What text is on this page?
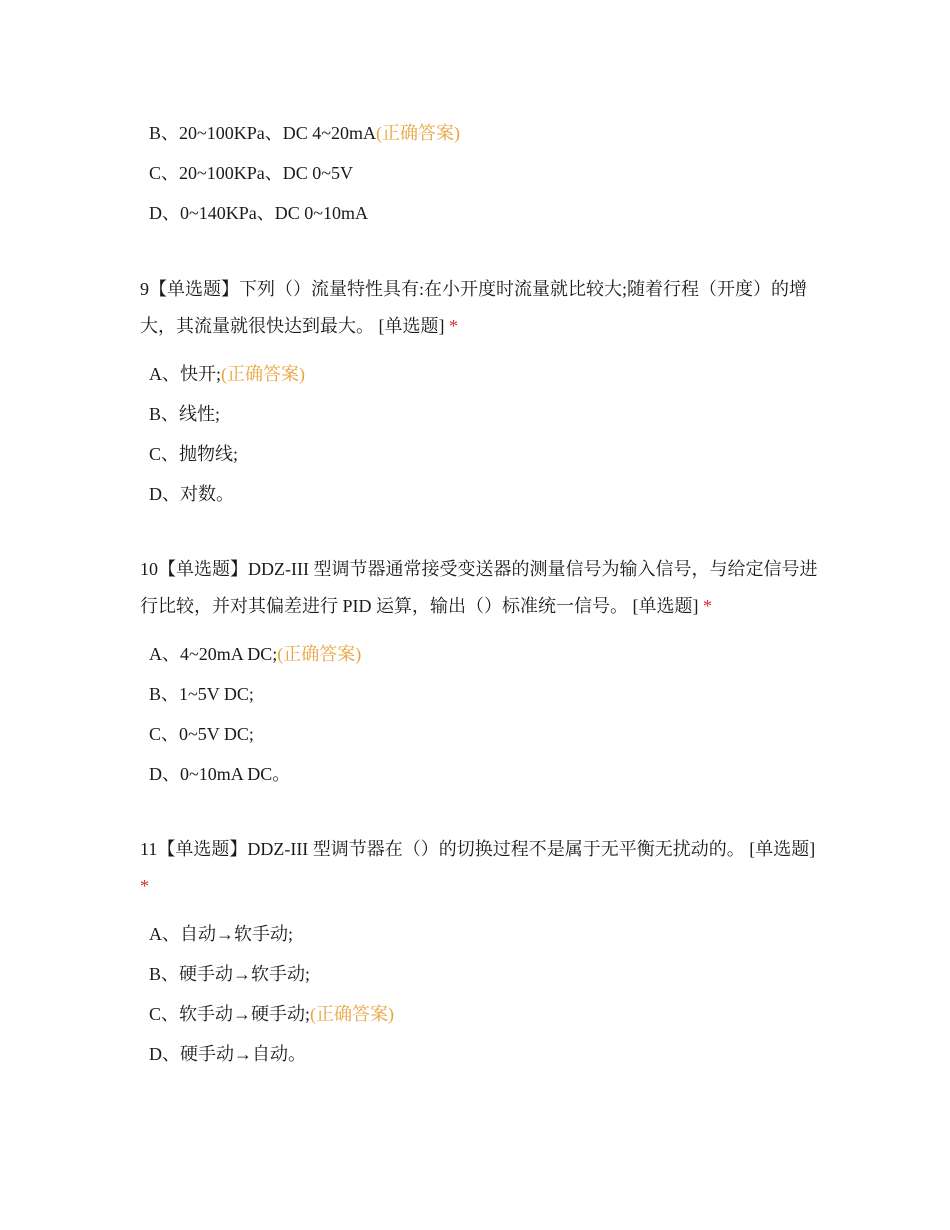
B、20~100KPa、DC 4~20mA(正确答案)
C、20~100KPa、DC 0~5V
D、0~140KPa、DC 0~10mA
9【单选题】下列（）流量特性具有:在小开度时流量就比较大;随着行程（开度）的增大，其流量就很快达到最大。 [单选题] *
A、快开;(正确答案)
B、线性;
C、抛物线;
D、对数。
10【单选题】DDZ-III 型调节器通常接受变送器的测量信号为输入信号，与给定信号进行比较，并对其偏差进行 PID 运算，输出（）标准统一信号。 [单选题] *
A、4~20mA DC;(正确答案)
B、1~5V DC;
C、0~5V DC;
D、0~10mA DC。
11【单选题】DDZ-III 型调节器在（）的切换过程不是属于无平衡无扰动的。 [单选题] *
A、自动→软手动;
B、硬手动→软手动;
C、软手动→硬手动;(正确答案)
D、硬手动→自动。
